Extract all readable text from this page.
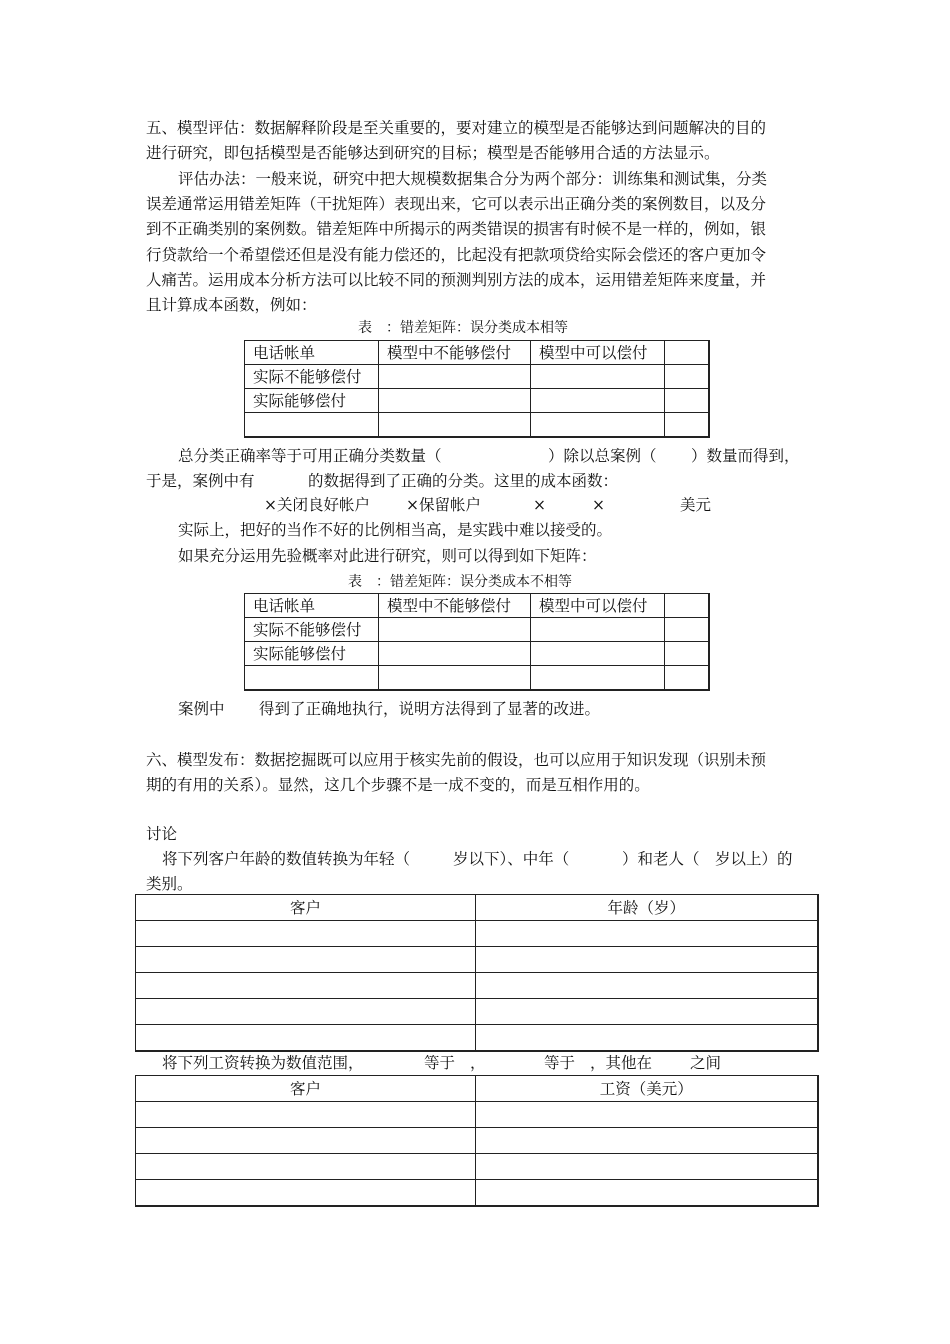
五、模型评估：数据解释阶段是至关重要的，要对建立的模型是否能够达到问题解决的目的
进行研究，即包括模型是否能够达到研究的目标；模型是否能够用合适的方法显示。
评估办法：一般来说，研究中把大规模数据集合分为两个部分：训练集和测试集，分类
误差通常运用错差矩阵（干扰矩阵）表现出来，它可以表示出正确分类的案例数目，以及分
到不正确类别的案例数。错差矩阵中所揭示的两类错误的损害有时候不是一样的，例如，银
行贷款给一个希望偿还但是没有能力偿还的，比起没有把款项贷给实际会偿还的客户更加令
人痛苦。运用成本分析方法可以比较不同的预测判别方法的成本，运用错差矩阵来度量，并
且计算成本函数，例如：
表　：错差矩阵：误分类成本相等
电话帐单	模型中不能够偿付	模型中可以偿付	
实际不能够偿付			
实际能够偿付			

总分类正确率等于可用正确分类数量（	）除以总案例（ ）数量而得到，
于是，案例中有	的数据得到了正确的分类。这里的成本函数：
×关闭良好帐户 ×保留帐户	×	×	美元
实际上，把好的当作不好的比例相当高，是实践中难以接受的。
如果充分运用先验概率对此进行研究，则可以得到如下矩阵：
表　：错差矩阵：误分类成本不相等
电话帐单	模型中不能够偿付	模型中可以偿付	
实际不能够偿付			
实际能够偿付			

案例中 得到了正确地执行，说明方法得到了显著的改进。
六、模型发布：数据挖掘既可以应用于核实先前的假设，也可以应用于知识发现（识别未预
期的有用的关系）。显然，这几个步骤不是一成不变的，而是互相作用的。
讨论
将下列客户年龄的数值转换为年轻（	岁以下）、中年（	）和老人（ 岁以上）的
类别。
客户	年龄（岁）

将下列工资转换为数值范围，	等于 ，	等于 ，其他在 之间
客户	工资（美元）
